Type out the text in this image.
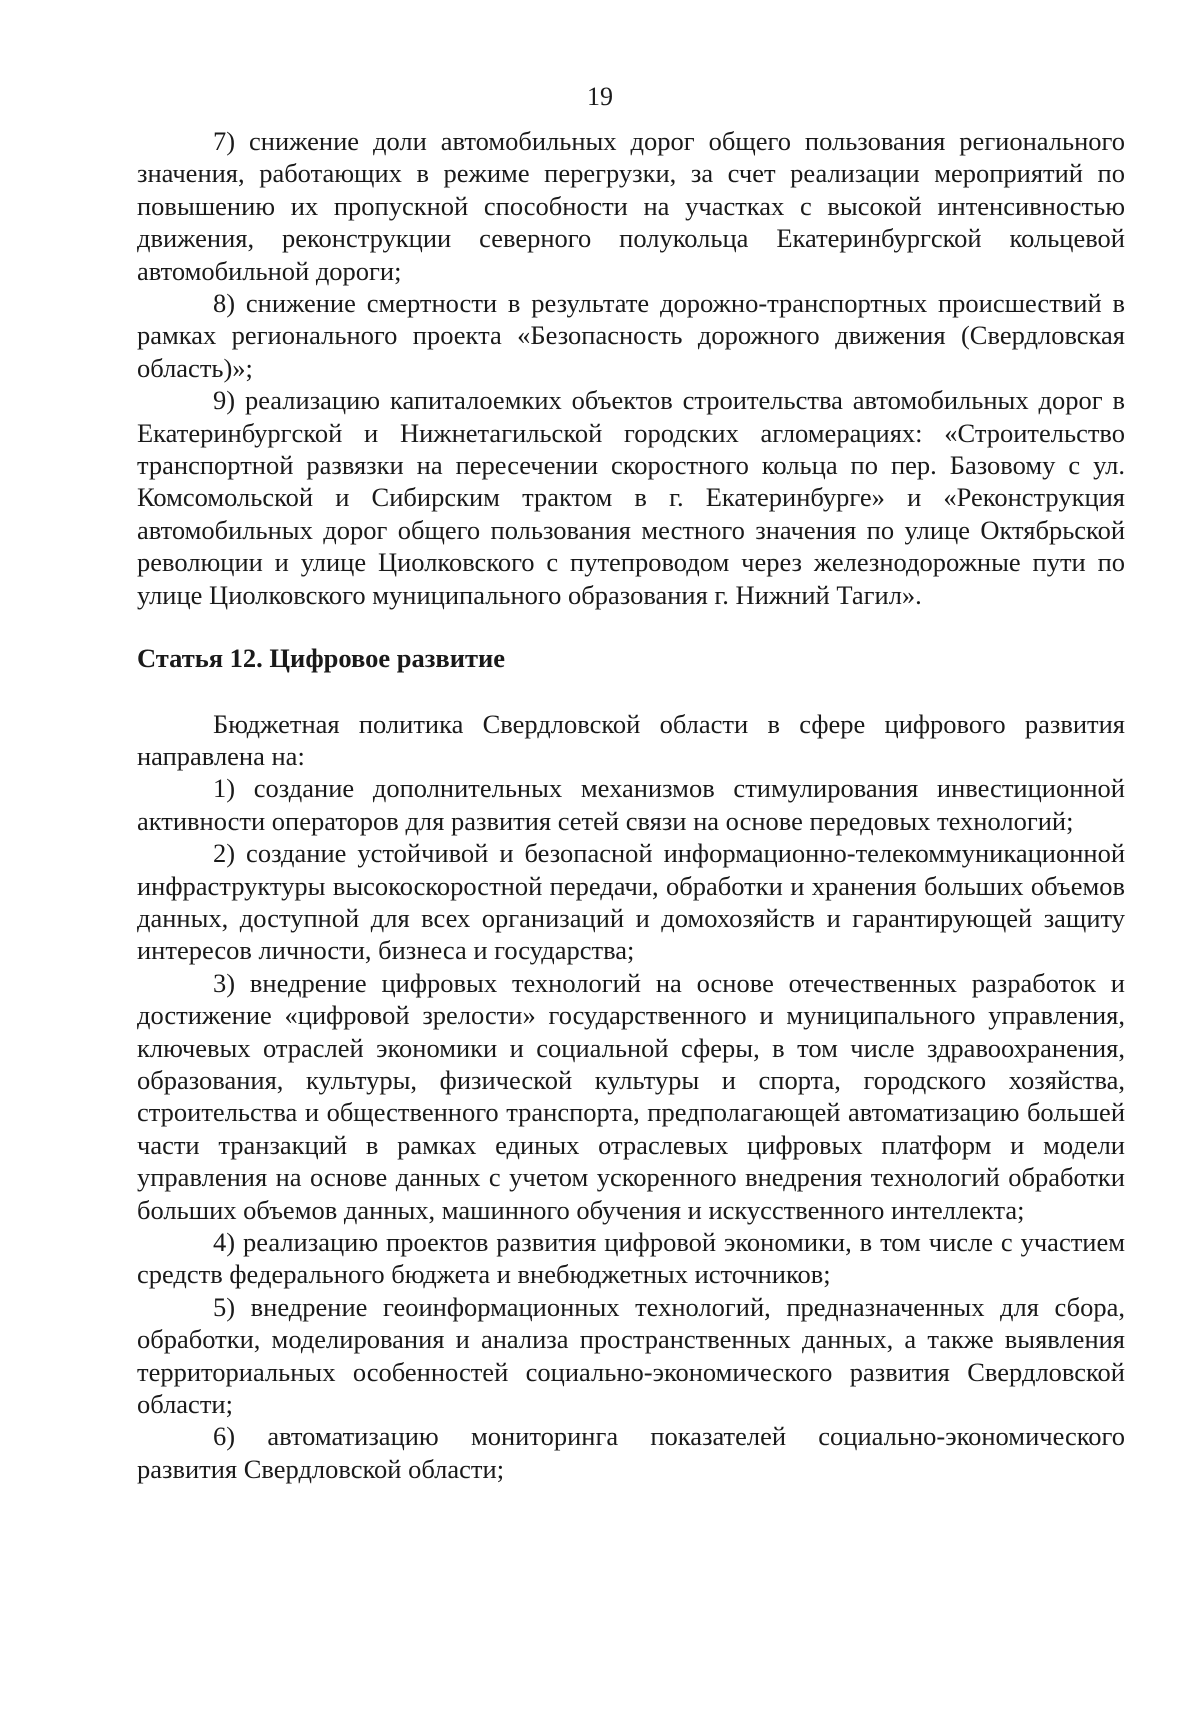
19

7) снижение доли автомобильных дорог общего пользования регионального значения, работающих в режиме перегрузки, за счет реализации мероприятий по повышению их пропускной способности на участках с высокой интенсивностью движения, реконструкции северного полукольца Екатеринбургской кольцевой автомобильной дороги;

8) снижение смертности в результате дорожно-транспортных происшествий в рамках регионального проекта «Безопасность дорожного движения (Свердловская область)»;

9) реализацию капиталоемких объектов строительства автомобильных дорог в Екатеринбургской и Нижнетагильской городских агломерациях: «Строительство транспортной развязки на пересечении скоростного кольца по пер. Базовому с ул. Комсомольской и Сибирским трактом в г. Екатеринбурге» и «Реконструкция автомобильных дорог общего пользования местного значения по улице Октябрьской революции и улице Циолковского с путепроводом через железнодорожные пути по улице Циолковского муниципального образования г. Нижний Тагил».

Статья 12. Цифровое развитие

Бюджетная политика Свердловской области в сфере цифрового развития направлена на:

1) создание дополнительных механизмов стимулирования инвестиционной активности операторов для развития сетей связи на основе передовых технологий;

2) создание устойчивой и безопасной информационно-телекоммуникационной инфраструктуры высокоскоростной передачи, обработки и хранения больших объемов данных, доступной для всех организаций и домохозяйств и гарантирующей защиту интересов личности, бизнеса и государства;

3) внедрение цифровых технологий на основе отечественных разработок и достижение «цифровой зрелости» государственного и муниципального управления, ключевых отраслей экономики и социальной сферы, в том числе здравоохранения, образования, культуры, физической культуры и спорта, городского хозяйства, строительства и общественного транспорта, предполагающей автоматизацию большей части транзакций в рамках единых отраслевых цифровых платформ и модели управления на основе данных с учетом ускоренного внедрения технологий обработки больших объемов данных, машинного обучения и искусственного интеллекта;

4) реализацию проектов развития цифровой экономики, в том числе с участием средств федерального бюджета и внебюджетных источников;

5) внедрение геоинформационных технологий, предназначенных для сбора, обработки, моделирования и анализа пространственных данных, а также выявления территориальных особенностей социально-экономического развития Свердловской области;

6) автоматизацию мониторинга показателей социально-экономического развития Свердловской области;
